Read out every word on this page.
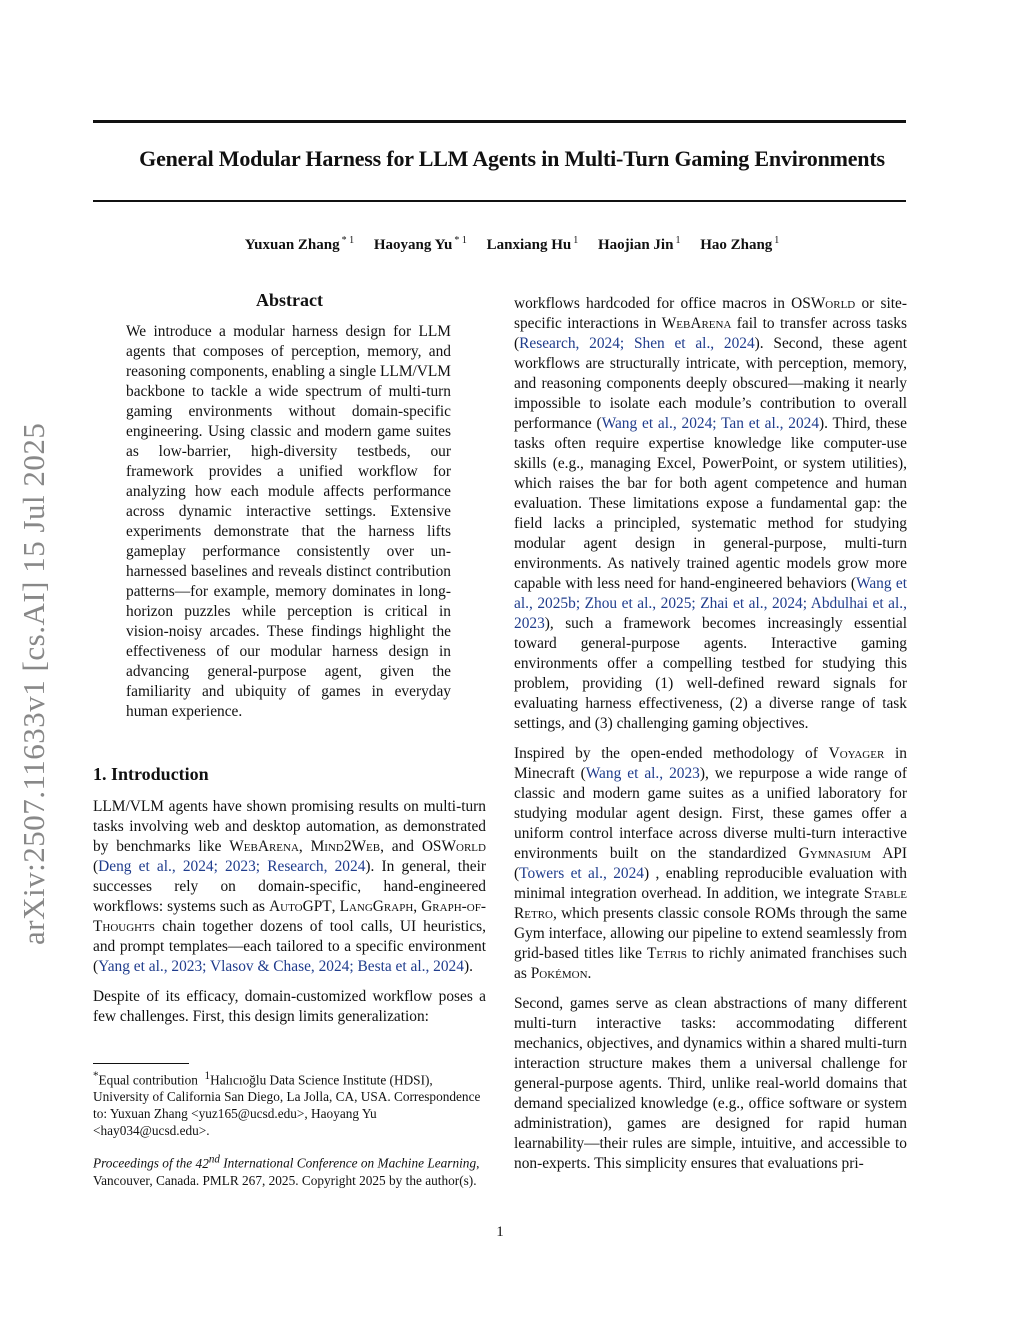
General Modular Harness for LLM Agents in Multi-Turn Gaming Environments
Yuxuan Zhang $^{* 1}$ Haoyang Yu $^{* 1}$ Lanxiang Hu $^1$ Haojian Jin $^1$ Hao Zhang $^1$
arXiv:2507.11633v1 [cs.AI] 15 Jul 2025
Abstract

We introduce a modular harness design for LLM agents that composes of perception, memory, and reasoning components, enabling a single LLM/VLM backbone to tackle a wide spectrum of multi-turn gaming environments without domain-specific engineering. Using classic and modern game suites as low-barrier, high-diversity testbeds, our framework provides a unified workflow for analyzing how each module affects performance across dynamic interactive settings. Extensive experiments demonstrate that the harness lifts gameplay performance consistently over un-harnessed baselines and reveals distinct contribution patterns—for example, memory dominates in long-horizon puzzles while perception is critical in vision-noisy arcades. These findings highlight the effectiveness of our modular harness design in advancing general-purpose agent, given the familiarity and ubiquity of games in everyday human experience.

1. Introduction

LLM/VLM agents have shown promising results on multi-turn tasks involving web and desktop automation, as demonstrated by benchmarks like WebArena, Mind2Web, and OSWorld (Deng et al., 2024; 2023; Research, 2024). In general, their successes rely on domain-specific, hand-engineered workflows: systems such as AutoGPT, LangGraph, Graph-of-Thoughts chain together dozens of tool calls, UI heuristics, and prompt templates—each tailored to a specific environment (Yang et al., 2023; Vlasov & Chase, 2024; Besta et al., 2024).

Despite of its efficacy, domain-customized workflow poses a few challenges. First, this design limits generalization:

*Equal contribution $^1$Halıcıoğlu Data Science Institute (HDSI), University of California San Diego, La Jolla, CA, USA. Correspondence to: Yuxuan Zhang <yuz165@ucsd.edu>, Haoyang Yu <hay034@ucsd.edu>.

Proceedings of the 42nd International Conference on Machine Learning, Vancouver, Canada. PMLR 267, 2025. Copyright 2025 by the author(s).

workflows hardcoded for office macros in OSWorld or site-specific interactions in WebArena fail to transfer across tasks (Research, 2024; Shen et al., 2024). Second, these agent workflows are structurally intricate, with perception, memory, and reasoning components deeply obscured—making it nearly impossible to isolate each module’s contribution to overall performance (Wang et al., 2024; Tan et al., 2024). Third, these tasks often require expertise knowledge like computer-use skills (e.g., managing Excel, PowerPoint, or system utilities), which raises the bar for both agent competence and human evaluation. These limitations expose a fundamental gap: the field lacks a principled, systematic method for studying modular agent design in general-purpose, multi-turn environments. As natively trained agentic models grow more capable with less need for hand-engineered behaviors (Wang et al., 2025b; Zhou et al., 2025; Zhai et al., 2024; Abdulhai et al., 2023), such a framework becomes increasingly essential toward general-purpose agents. Interactive gaming environments offer a compelling testbed for studying this problem, providing (1) well-defined reward signals for evaluating harness effectiveness, (2) a diverse range of task settings, and (3) challenging gaming objectives.

Inspired by the open-ended methodology of Voyager in Minecraft (Wang et al., 2023), we repurpose a wide range of classic and modern game suites as a unified laboratory for studying modular agent design. First, these games offer a uniform control interface across diverse multi-turn interactive environments built on the standardized Gymnasium API (Towers et al., 2024) , enabling reproducible evaluation with minimal integration overhead. In addition, we integrate Stable Retro, which presents classic console ROMs through the same Gym interface, allowing our pipeline to extend seamlessly from grid-based titles like Tetris to richly animated franchises such as Pokémon.

Second, games serve as clean abstractions of many different multi-turn interactive tasks: accommodating different mechanics, objectives, and dynamics within a shared multi-turn interaction structure makes them a universal challenge for general-purpose agents. Third, unlike real-world domains that demand specialized knowledge (e.g., office software or system administration), games are designed for rapid human learnability—their rules are simple, intuitive, and accessible to non-experts. This simplicity ensures that evaluations pri-

1
